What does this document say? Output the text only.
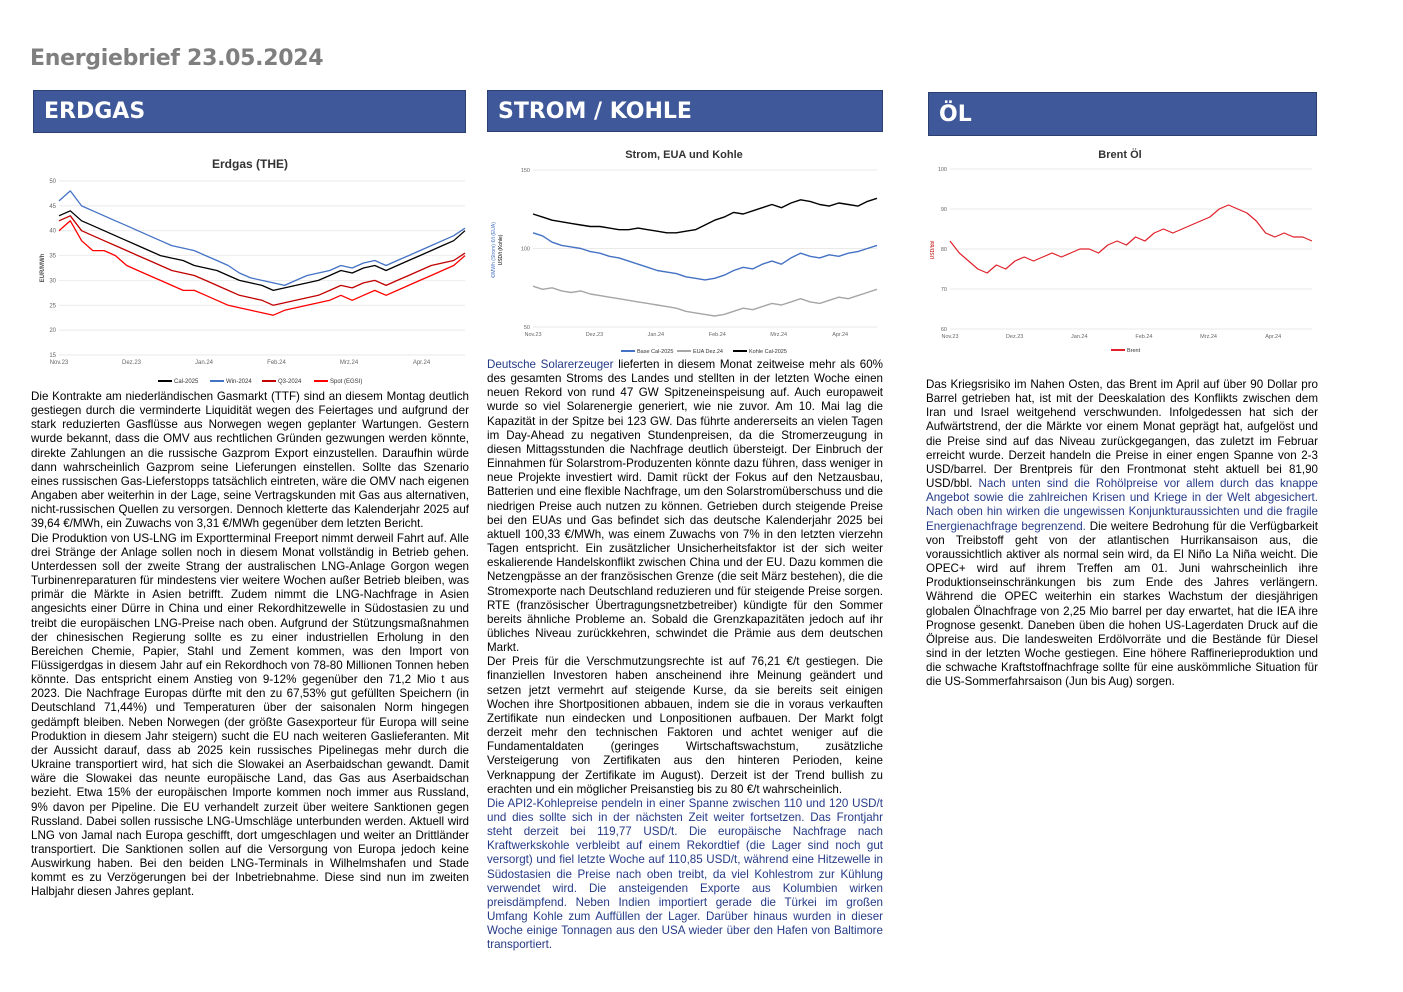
Energiebrief 23.05.2024
ERDGAS	STROM / KOHLE	ÖL
Erdgas (THE)
EUR/MWh
50
45
40
35
30
25
20
15
Nov.23	Dez.23	Jan.24	Feb.24	Mrz.24	Apr.24
Cal-2025	Win-2024	Q3-2024	Spot (EGSI)
Strom, EUA und Kohle
€/MWh (Strom) €/t (EUA) USD/t (Kohle)
150
100
50
Nov.23	Dez.23	Jan.24	Feb.24	Mrz.24	Apr.24
Base Cal-2025	EUA Dez.24	Kohle Cal-2025
Brent Öl
USD/bbl
100
90
80
70
60
Nov.23	Dez.23	Jan.24	Feb.24	Mrz.24	Apr.24
Brent

Die Kontrakte am niederländischen Gasmarkt (TTF) sind an diesem Montag deutlich gestiegen durch die verminderte Liquidität wegen des Feiertages und aufgrund der stark reduzierten Gasflüsse aus Norwegen wegen geplanter Wartungen. Gestern wurde bekannt, dass die OMV aus rechtlichen Gründen gezwungen werden könnte, direkte Zahlungen an die russische Gazprom Export einzustellen. Daraufhin würde dann wahrscheinlich Gazprom seine Lieferungen einstellen. Sollte das Szenario eines russischen Gas-Lieferstopps tatsächlich eintreten, wäre die OMV nach eigenen Angaben aber weiterhin in der Lage, seine Vertragskunden mit Gas aus alternativen, nicht-russischen Quellen zu versorgen. Dennoch kletterte das Kalenderjahr 2025 auf 39,64 €/MWh, ein Zuwachs von 3,31 €/MWh gegenüber dem letzten Bericht.

Die Produktion von US-LNG im Exportterminal Freeport nimmt derweil Fahrt auf. Alle drei Stränge der Anlage sollen noch in diesem Monat vollständig in Betrieb gehen. Unterdessen soll der zweite Strang der australischen LNG-Anlage Gorgon wegen Turbinenreparaturen für mindestens vier weitere Wochen außer Betrieb bleiben, was primär die Märkte in Asien betrifft. Zudem nimmt die LNG-Nachfrage in Asien angesichts einer Dürre in China und einer Rekordhitzewelle in Südostasien zu und treibt die europäischen LNG-Preise nach oben. Aufgrund der Stützungsmaßnahmen der chinesischen Regierung sollte es zu einer industriellen Erholung in den Bereichen Chemie, Papier, Stahl und Zement kommen, was den Import von Flüssigerdgas in diesem Jahr auf ein Rekordhoch von 78-80 Millionen Tonnen heben könnte. Das entspricht einem Anstieg von 9-12% gegenüber den 71,2 Mio t aus 2023. Die Nachfrage Europas dürfte mit den zu 67,53% gut gefüllten Speichern (in Deutschland 71,44%) und Temperaturen über der saisonalen Norm hingegen gedämpft bleiben. Neben Norwegen (der größte Gasexporteur für Europa will seine Produktion in diesem Jahr steigern) sucht die EU nach weiteren Gaslieferanten. Mit der Aussicht darauf, dass ab 2025 kein russisches Pipelinegas mehr durch die Ukraine transportiert wird, hat sich die Slowakei an Aserbaidschan gewandt. Damit wäre die Slowakei das neunte europäische Land, das Gas aus Aserbaidschan bezieht. Etwa 15% der europäischen Importe kommen noch immer aus Russland, 9% davon per Pipeline. Die EU verhandelt zurzeit über weitere Sanktionen gegen Russland. Dabei sollen russische LNG-Umschläge unterbunden werden. Aktuell wird LNG von Jamal nach Europa geschifft, dort umgeschlagen und weiter an Drittländer transportiert. Die Sanktionen sollen auf die Versorgung von Europa jedoch keine Auswirkung haben. Bei den beiden LNG-Terminals in Wilhelmshafen und Stade kommt es zu Verzögerungen bei der Inbetriebnahme. Diese sind nun im zweiten Halbjahr diesen Jahres geplant.

Deutsche Solarerzeuger lieferten in diesem Monat zeitweise mehr als 60% des gesamten Stroms des Landes und stellten in der letzten Woche einen neuen Rekord von rund 47 GW Spitzeneinspeisung auf. Auch europaweit wurde so viel Solarenergie generiert, wie nie zuvor. Am 10. Mai lag die Kapazität in der Spitze bei 123 GW. Das führte andererseits an vielen Tagen im Day-Ahead zu negativen Stundenpreisen, da die Stromerzeugung in diesen Mittagsstunden die Nachfrage deutlich übersteigt. Der Einbruch der Einnahmen für Solarstrom-Produzenten könnte dazu führen, dass weniger in neue Projekte investiert wird. Damit rückt der Fokus auf den Netzausbau, Batterien und eine flexible Nachfrage, um den Solarstromüberschuss und die niedrigen Preise auch nutzen zu können. Getrieben durch steigende Preise bei den EUAs und Gas befindet sich das deutsche Kalenderjahr 2025 bei aktuell 100,33 €/MWh, was einem Zuwachs von 7% in den letzten vierzehn Tagen entspricht. Ein zusätzlicher Unsicherheitsfaktor ist der sich weiter eskalierende Handelskonflikt zwischen China und der EU. Dazu kommen die Netzengpässe an der französischen Grenze (die seit März bestehen), die die Stromexporte nach Deutschland reduzieren und für steigende Preise sorgen. RTE (französischer Übertragungsnetzbetreiber) kündigte für den Sommer bereits ähnliche Probleme an. Sobald die Grenzkapazitäten jedoch auf ihr übliches Niveau zurückkehren, schwindet die Prämie aus dem deutschen Markt.

Der Preis für die Verschmutzungsrechte ist auf 76,21 €/t gestiegen. Die finanziellen Investoren haben anscheinend ihre Meinung geändert und setzen jetzt vermehrt auf steigende Kurse, da sie bereits seit einigen Wochen ihre Shortpositionen abbauen, indem sie die in voraus verkauften Zertifikate nun eindecken und Lonpositionen aufbauen. Der Markt folgt derzeit mehr den technischen Faktoren und achtet weniger auf die Fundamentaldaten (geringes Wirtschaftswachstum, zusätzliche Versteigerung von Zertifikaten aus den hinteren Perioden, keine Verknappung der Zertifikate im August). Derzeit ist der Trend bullish zu erachten und ein möglicher Preisanstieg bis zu 80 €/t wahrscheinlich.

Die API2-Kohlepreise pendeln in einer Spanne zwischen 110 und 120 USD/t und dies sollte sich in der nächsten Zeit weiter fortsetzen. Das Frontjahr steht derzeit bei 119,77 USD/t. Die europäische Nachfrage nach Kraftwerkskohle verbleibt auf einem Rekordtief (die Lager sind noch gut versorgt) und fiel letzte Woche auf 110,85 USD/t, während eine Hitzewelle in Südostasien die Preise nach oben treibt, da viel Kohlestrom zur Kühlung verwendet wird. Die ansteigenden Exporte aus Kolumbien wirken preisdämpfend. Neben Indien importiert gerade die Türkei im großen Umfang Kohle zum Auffüllen der Lager. Darüber hinaus wurden in dieser Woche einige Tonnagen aus den USA wieder über den Hafen von Baltimore transportiert.

Das Kriegsrisiko im Nahen Osten, das Brent im April auf über 90 Dollar pro Barrel getrieben hat, ist mit der Deeskalation des Konflikts zwischen dem Iran und Israel weitgehend verschwunden. Infolgedessen hat sich der Aufwärtstrend, der die Märkte vor einem Monat geprägt hat, aufgelöst und die Preise sind auf das Niveau zurückgegangen, das zuletzt im Februar erreicht wurde. Derzeit handeln die Preise in einer engen Spanne von 2-3 USD/barrel. Der Brentpreis für den Frontmonat steht aktuell bei 81,90 USD/bbl. Nach unten sind die Rohölpreise vor allem durch das knappe Angebot sowie die zahlreichen Krisen und Kriege in der Welt abgesichert. Nach oben hin wirken die ungewissen Konjunkturaussichten und die fragile Energienachfrage begrenzend. Die weitere Bedrohung für die Verfügbarkeit von Treibstoff geht von der atlantischen Hurrikansaison aus, die voraussichtlich aktiver als normal sein wird, da El Niño La Niña weicht. Die OPEC+ wird auf ihrem Treffen am 01. Juni wahrscheinlich ihre Produktionseinschränkungen bis zum Ende des Jahres verlängern. Während die OPEC weiterhin ein starkes Wachstum der diesjährigen globalen Ölnachfrage von 2,25 Mio barrel per day erwartet, hat die IEA ihre Prognose gesenkt. Daneben üben die hohen US-Lagerdaten Druck auf die Ölpreise aus. Die landesweiten Erdölvorräte und die Bestände für Diesel sind in der letzten Woche gestiegen. Eine höhere Raffinerieproduktion und die schwache Kraftstoffnachfrage sollte für eine auskömmliche Situation für die US-Sommerfahrsaison (Jun bis Aug) sorgen.
